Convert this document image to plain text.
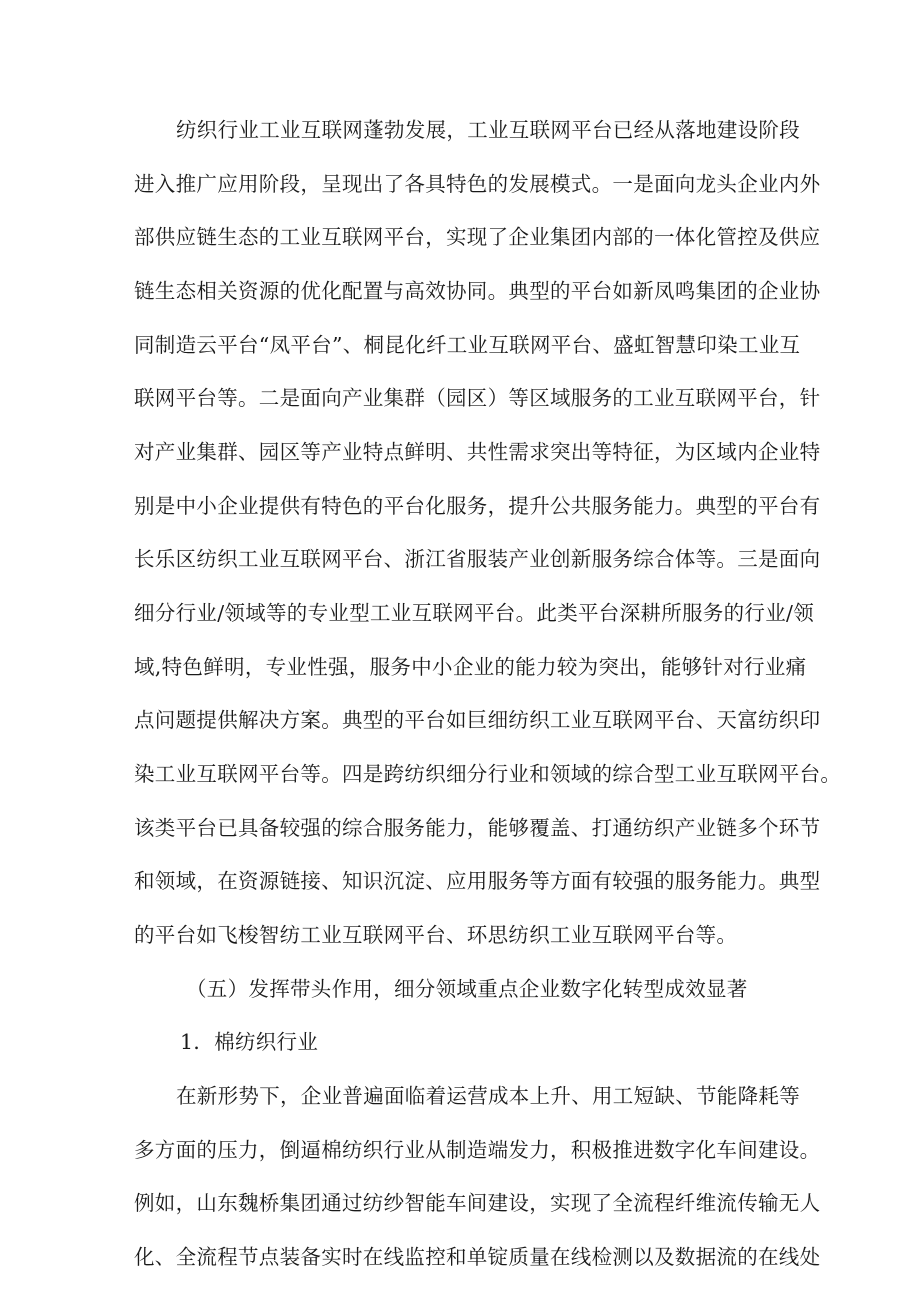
纺织行业工业互联网蓬勃发展，工业互联网平台已经从落地建设阶段
进入推广应用阶段，呈现出了各具特色的发展模式。一是面向龙头企业内外
部供应链生态的工业互联网平台，实现了企业集团内部的一体化管控及供应
链生态相关资源的优化配置与高效协同。典型的平台如新凤鸣集团的企业协
同制造云平台“凤平台”、桐昆化纤工业互联网平台、盛虹智慧印染工业互
联网平台等。二是面向产业集群（园区）等区域服务的工业互联网平台，针
对产业集群、园区等产业特点鲜明、共性需求突出等特征，为区域内企业特
别是中小企业提供有特色的平台化服务，提升公共服务能力。典型的平台有
长乐区纺织工业互联网平台、浙江省服装产业创新服务综合体等。三是面向
细分行业/领域等的专业型工业互联网平台。此类平台深耕所服务的行业/领
域,特色鲜明，专业性强，服务中小企业的能力较为突出，能够针对行业痛
点问题提供解决方案。典型的平台如巨细纺织工业互联网平台、天富纺织印
染工业互联网平台等。四是跨纺织细分行业和领域的综合型工业互联网平台。
该类平台已具备较强的综合服务能力，能够覆盖、打通纺织产业链多个环节
和领域，在资源链接、知识沉淀、应用服务等方面有较强的服务能力。典型
的平台如飞梭智纺工业互联网平台、环思纺织工业互联网平台等。
（五）发挥带头作用，细分领域重点企业数字化转型成效显著
1．棉纺织行业
在新形势下，企业普遍面临着运营成本上升、用工短缺、节能降耗等
多方面的压力，倒逼棉纺织行业从制造端发力，积极推进数字化车间建设。
例如，山东魏桥集团通过纺纱智能车间建设，实现了全流程纤维流传输无人
化、全流程节点装备实时在线监控和单锭质量在线检测以及数据流的在线处
